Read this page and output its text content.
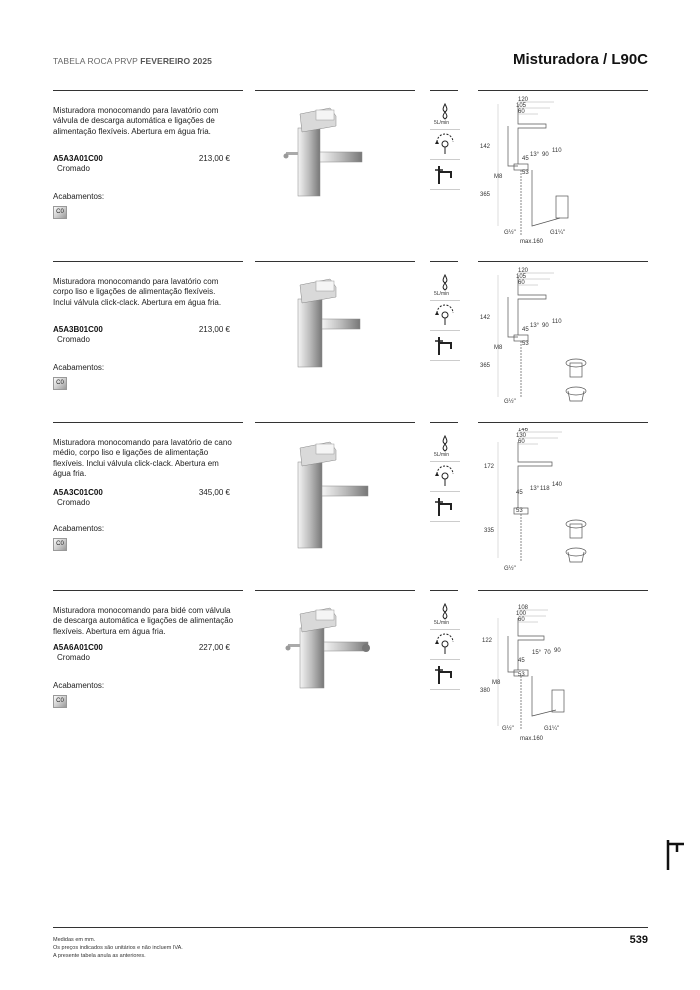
TABELA ROCA PRVP FEVEREIRO 2025	Misturadora / L90C
Misturadora monocomando para lavatório com válvula de descarga automática e ligações de alimentação flexíveis. Abertura em água fria.
A5A3A01C00	213,00 €
Cromado
Acabamentos:
C0
5L/min
120
105
60
142
365
13° 90
110
45
53
M8
G½"	G1¼"
max.160
Misturadora monocomando para lavatório com corpo liso e ligações de alimentação flexíveis. Inclui válvula click-clack. Abertura em água fria.
A5A3B01C00	213,00 €
Cromado
Acabamentos:
C0
5L/min
120
105
60
142
365
13° 90
110
45
53
M8
G½"
Misturadora monocomando para lavatório de cano médio, corpo liso e ligações de alimentação flexíveis. Inclui válvula click-clack. Abertura em água fria.
A5A3C01C00	345,00 €
Cromado
Acabamentos:
C0
5L/min
146
130
60
172
335
13° 118
140
45
53
G½"
Misturadora monocomando para bidé com válvula de descarga automática e ligações de alimentação flexíveis. Abertura em água fria.
A5A6A01C00	227,00 €
Cromado
Acabamentos:
C0
5L/min
108
100
60
122
380
15° 70 90
45
53
M8
G½"	G1¼"
max.160
Medidas em mm.
Os preços indicados são unitários e não incluem IVA.
A presente tabela anula as anteriores.
539
